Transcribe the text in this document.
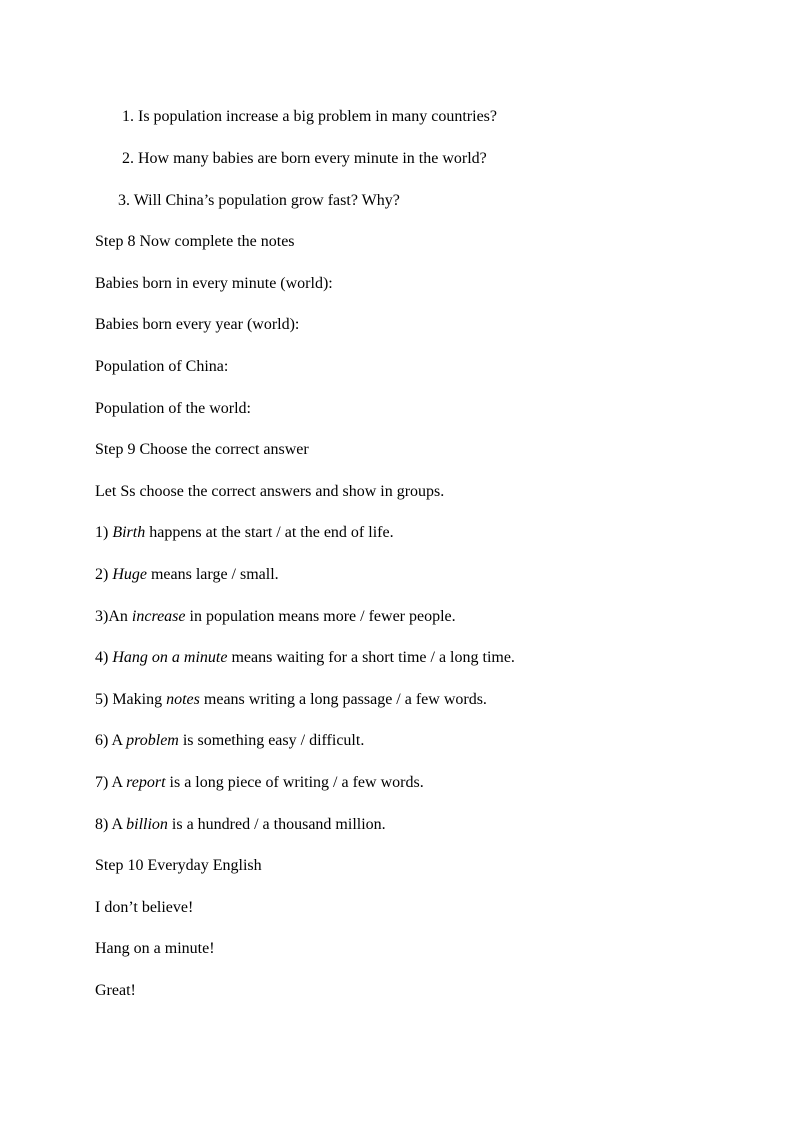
1. Is population increase a big problem in many countries?
2. How many babies are born every minute in the world?
3. Will China’s population grow fast? Why?
Step 8 Now complete the notes
Babies born in every minute (world):
Babies born every year (world):
Population of China:
Population of the world:
Step 9 Choose the correct answer
Let Ss choose the correct answers and show in groups.
1) Birth happens at the start / at the end of life.
2) Huge means large / small.
3)An increase in population means more / fewer people.
4) Hang on a minute means waiting for a short time / a long time.
5) Making notes means writing a long passage / a few words.
6) A problem is something easy / difficult.
7) A report is a long piece of writing / a few words.
8) A billion is a hundred / a thousand million.
Step 10 Everyday English
I don’t believe!
Hang on a minute!
Great!
